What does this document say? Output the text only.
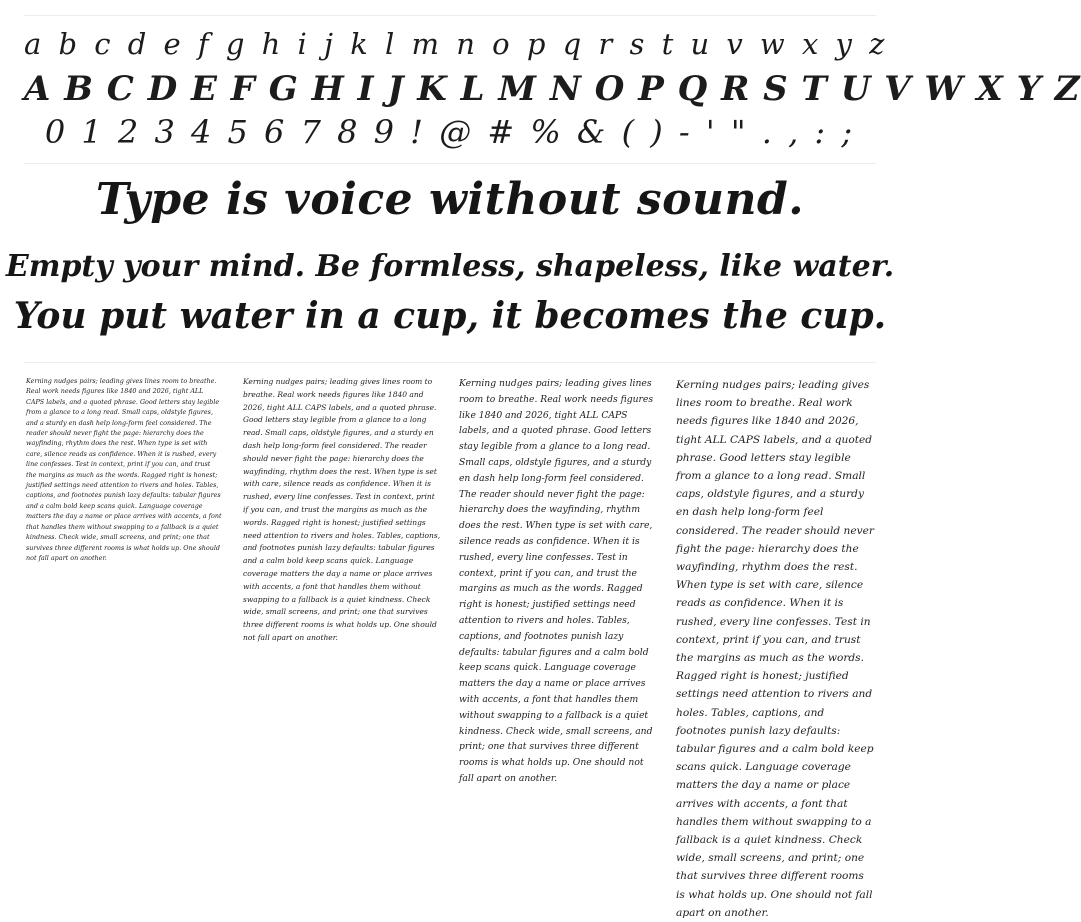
a b c d e f g h i j k l m n o p q r s t u v w x y z
A B C D E F G H I J K L M N O P Q R S T U V W X Y Z
0 1 2 3 4 5 6 7 8 9 ! @ # % & ( ) - ' " . , : ;
Type is voice without sound.
Empty your mind. Be formless, shapeless, like water.
You put water in a cup, it becomes the cup.
Kerning nudges pairs; leading gives lines room to breathe. Real work needs figures like 1840 and 2026, tight ALL CAPS labels, and a quoted phrase. Good letters stay legible from a glance to a long read. Small caps, oldstyle figures, and a sturdy en dash help long-form feel considered. The reader should never fight the page: hierarchy does the wayfinding, rhythm does the rest. When type is set with care, silence reads as confidence. When it is rushed, every line confesses. Test in context, print if you can, and trust the margins as much as the words. Ragged right is honest; justified settings need attention to rivers and holes. Tables, captions, and footnotes punish lazy defaults: tabular figures and a calm bold keep scans quick. Language coverage matters the day a name or place arrives with accents, a font that handles them without swapping to a fallback is a quiet kindness. Check wide, small screens, and print; one that survives three different rooms is what holds up. One should not fall apart on another.
Kerning nudges pairs; leading gives lines room to breathe. Real work needs figures like 1840 and 2026, tight ALL CAPS labels, and a quoted phrase. Good letters stay legible from a glance to a long read. Small caps, oldstyle figures, and a sturdy en dash help long-form feel considered. The reader should never fight the page: hierarchy does the wayfinding, rhythm does the rest. When type is set with care, silence reads as confidence. When it is rushed, every line confesses. Test in context, print if you can, and trust the margins as much as the words. Ragged right is honest; justified settings need attention to rivers and holes. Tables, captions, and footnotes punish lazy defaults: tabular figures and a calm bold keep scans quick. Language coverage matters the day a name or place arrives with accents, a font that handles them without swapping to a fallback is a quiet kindness. Check wide, small screens, and print; one that survives three different rooms is what holds up. One should not fall apart on another.
Kerning nudges pairs; leading gives lines room to breathe. Real work needs figures like 1840 and 2026, tight ALL CAPS labels, and a quoted phrase. Good letters stay legible from a glance to a long read. Small caps, oldstyle figures, and a sturdy en dash help long-form feel considered. The reader should never fight the page: hierarchy does the wayfinding, rhythm does the rest. When type is set with care, silence reads as confidence. When it is rushed, every line confesses. Test in context, print if you can, and trust the margins as much as the words. Ragged right is honest; justified settings need attention to rivers and holes. Tables, captions, and footnotes punish lazy defaults: tabular figures and a calm bold keep scans quick. Language coverage matters the day a name or place arrives with accents, a font that handles them without swapping to a fallback is a quiet kindness. Check wide, small screens, and print; one that survives three different rooms is what holds up. One should not fall apart on another.
Kerning nudges pairs; leading gives lines room to breathe. Real work needs figures like 1840 and 2026, tight ALL CAPS labels, and a quoted phrase. Good letters stay legible from a glance to a long read. Small caps, oldstyle figures, and a sturdy en dash help long-form feel considered. The reader should never fight the page: hierarchy does the wayfinding, rhythm does the rest. When type is set with care, silence reads as confidence. When it is rushed, every line confesses. Test in context, print if you can, and trust the margins as much as the words. Ragged right is honest; justified settings need attention to rivers and holes. Tables, captions, and footnotes punish lazy defaults: tabular figures and a calm bold keep scans quick. Language coverage matters the day a name or place arrives with accents, a font that handles them without swapping to a fallback is a quiet kindness. Check wide, small screens, and print; one that survives three different rooms is what holds up. One should not fall apart on another.
